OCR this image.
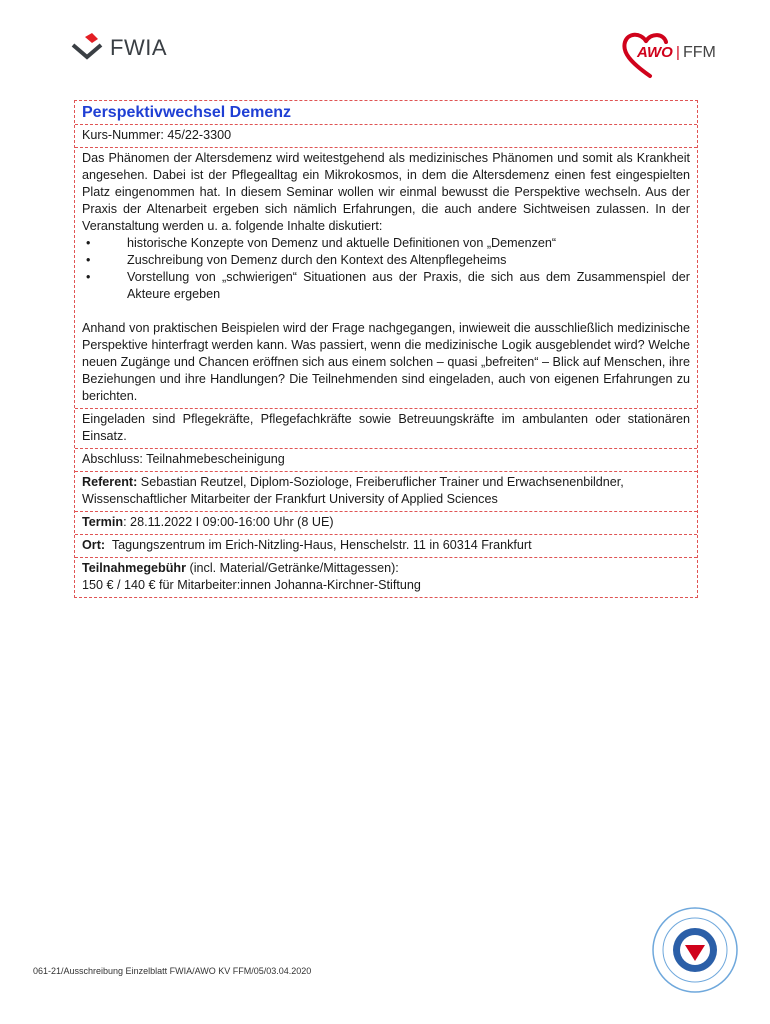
FWIA	AWO | FFM
Perspektivwechsel Demenz
Kurs-Nummer: 45/22-3300
Das Phänomen der Altersdemenz wird weitestgehend als medizinisches Phänomen und somit als Krankheit angesehen. Dabei ist der Pflegealltag ein Mikrokosmos, in dem die Altersdemenz einen fest eingespielten Platz eingenommen hat. In diesem Seminar wollen wir einmal bewusst die Perspektive wechseln. Aus der Praxis der Altenarbeit ergeben sich nämlich Erfahrungen, die auch andere Sichtweisen zulassen. In der Veranstaltung werden u. a. folgende Inhalte diskutiert:
• historische Konzepte von Demenz und aktuelle Definitionen von „Demenzen“
• Zuschreibung von Demenz durch den Kontext des Altenpflegeheims
• Vorstellung von „schwierigen“ Situationen aus der Praxis, die sich aus dem Zusammenspiel der Akteure ergeben
Anhand von praktischen Beispielen wird der Frage nachgegangen, inwieweit die ausschließlich medizinische Perspektive hinterfragt werden kann. Was passiert, wenn die medizinische Logik ausgeblendet wird? Welche neuen Zugänge und Chancen eröffnen sich aus einem solchen – quasi „befreiten“ – Blick auf Menschen, ihre Beziehungen und ihre Handlungen? Die Teilnehmenden sind eingeladen, auch von eigenen Erfahrungen zu berichten.
Eingeladen sind Pflegekräfte, Pflegefachkräfte sowie Betreuungskräfte im ambulanten oder stationären Einsatz.
Abschluss: Teilnahmebescheinigung
Referent: Sebastian Reutzel, Diplom-Soziologe, Freiberuflicher Trainer und Erwachsenenbildner, Wissenschaftlicher Mitarbeiter der Frankfurt University of Applied Sciences
Termin: 28.11.2022 I 09:00-16:00 Uhr (8 UE)
Ort:  Tagungszentrum im Erich-Nitzling-Haus, Henschelstr. 11 in 60314 Frankfurt
Teilnahmegebühr (incl. Material/Getränke/Mittagessen):
150 € / 140 € für Mitarbeiter:innen Johanna-Kirchner-Stiftung
061-21/Ausschreibung Einzelblatt FWIA/AWO KV FFM/05/03.04.2020
